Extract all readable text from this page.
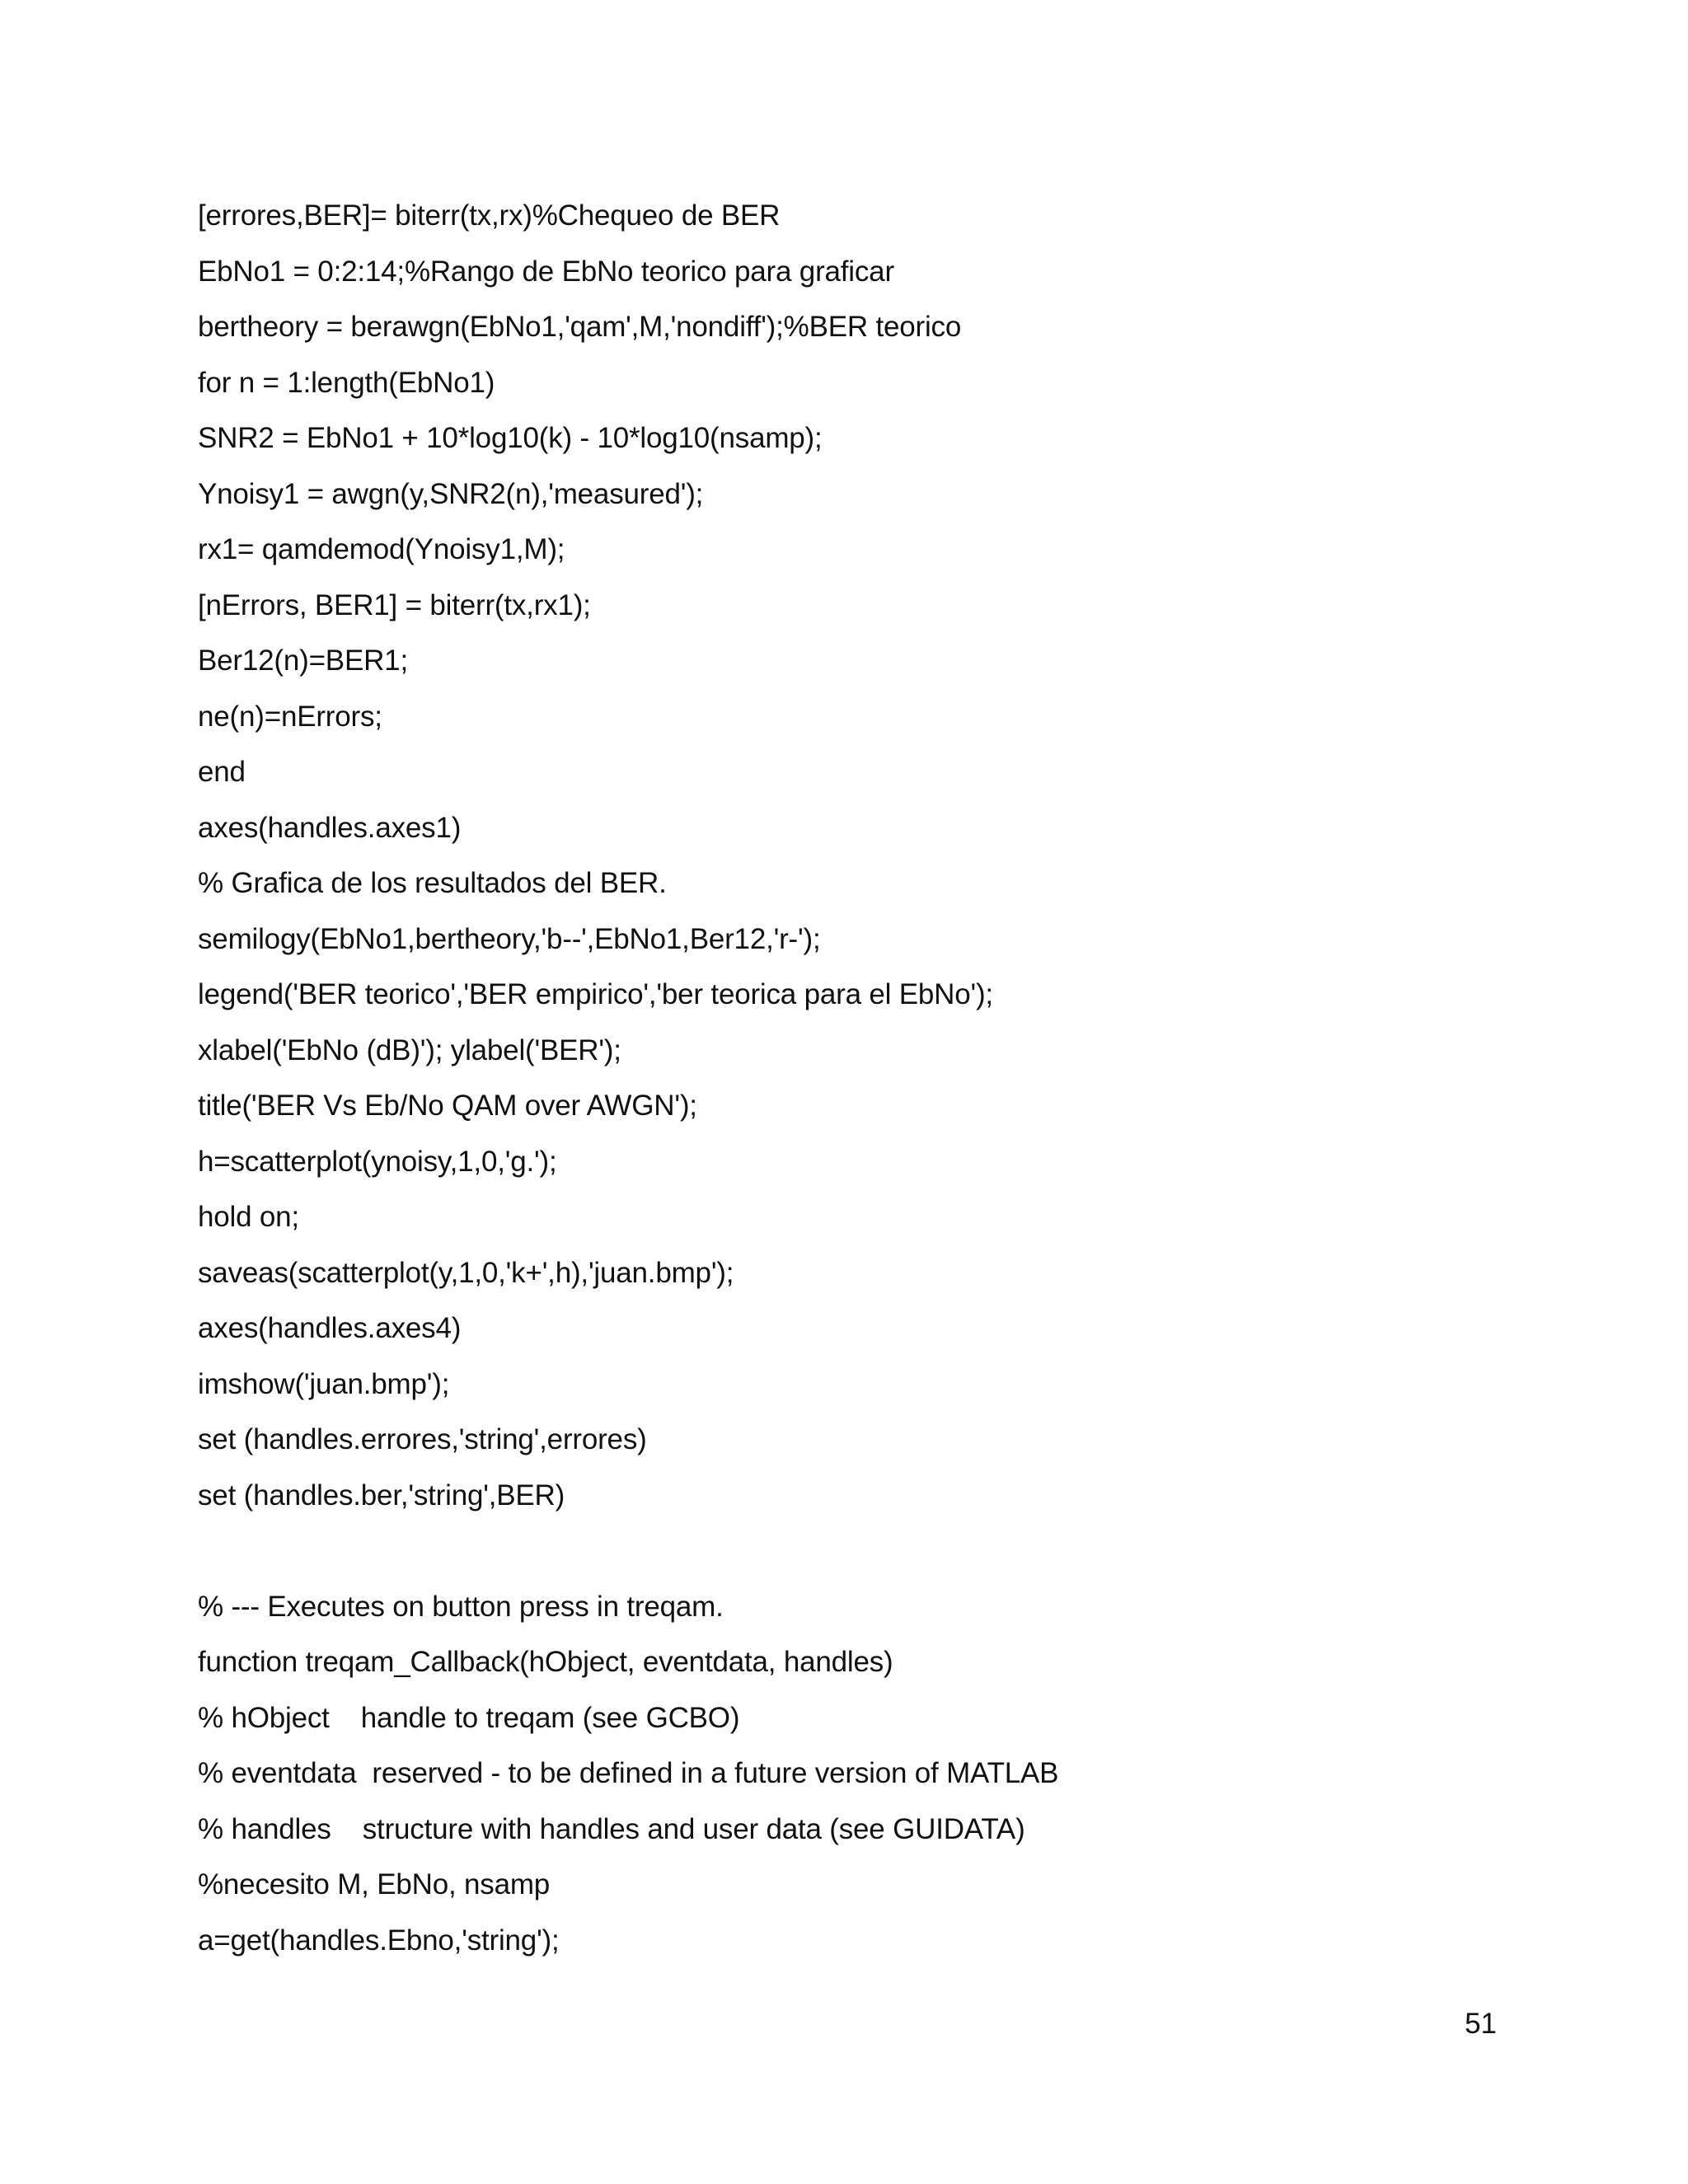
[errores,BER]= biterr(tx,rx)%Chequeo de BER
EbNo1 = 0:2:14;%Rango de EbNo teorico para graficar
bertheory = berawgn(EbNo1,'qam',M,'nondiff');%BER teorico
for n = 1:length(EbNo1)
SNR2 = EbNo1 + 10*log10(k) - 10*log10(nsamp);
Ynoisy1 = awgn(y,SNR2(n),'measured');
rx1= qamdemod(Ynoisy1,M);
[nErrors, BER1] = biterr(tx,rx1);
Ber12(n)=BER1;
ne(n)=nErrors;
end
axes(handles.axes1)
% Grafica de los resultados del BER.
semilogy(EbNo1,bertheory,'b--',EbNo1,Ber12,'r-');
legend('BER teorico','BER empirico','ber teorica para el EbNo');
xlabel('EbNo (dB)'); ylabel('BER');
title('BER Vs Eb/No QAM over AWGN');
h=scatterplot(ynoisy,1,0,'g.');
hold on;
saveas(scatterplot(y,1,0,'k+',h),'juan.bmp');
axes(handles.axes4)
imshow('juan.bmp');
set (handles.errores,'string',errores)
set (handles.ber,'string',BER)
% --- Executes on button press in treqam.
function treqam_Callback(hObject, eventdata, handles)
% hObject    handle to treqam (see GCBO)
% eventdata  reserved - to be defined in a future version of MATLAB
% handles    structure with handles and user data (see GUIDATA)
%necesito M, EbNo, nsamp
a=get(handles.Ebno,'string');
51
